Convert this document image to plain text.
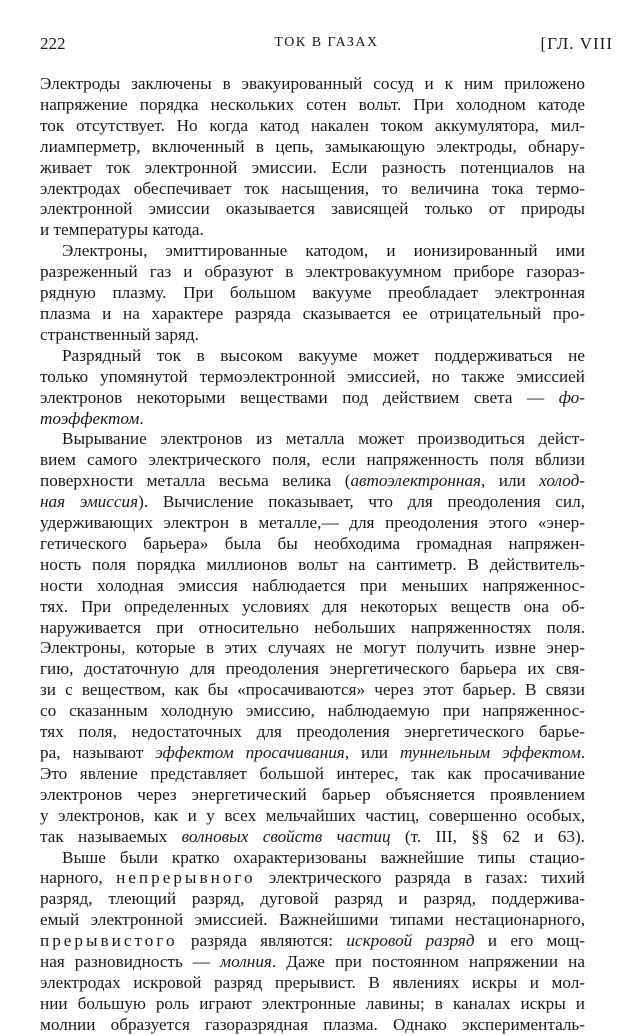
222	ТОК В ГАЗАХ	[ГЛ. VIII
Электроды заключены в эвакуированный сосуд и к ним приложено
напряжение порядка нескольких сотен вольт. При холодном катоде
ток отсутствует. Но когда катод накален током аккумулятора, мил-
лиамперметр, включенный в цепь, замыкающую электроды, обнару-
живает ток электронной эмиссии. Если разность потенциалов на
электродах обеспечивает ток насыщения, то величина тока термо-
электронной эмиссии оказывается зависящей только от природы
и температуры катода.
Электроны, эмиттированные катодом, и ионизированный ими
разреженный газ и образуют в электровакуумном приборе газораз-
рядную плазму. При большом вакууме преобладает электронная
плазма и на характере разряда сказывается ее отрицательный про-
странственный заряд.
Разрядный ток в высоком вакууме может поддерживаться не
только упомянутой термоэлектронной эмиссией, но также эмиссией
электронов некоторыми веществами под действием света — фо-
тоэффектом.
Вырывание электронов из металла может производиться дейст-
вием самого электрического поля, если напряженность поля вблизи
поверхности металла весьма велика (автоэлектронная, или холод-
ная эмиссия). Вычисление показывает, что для преодоления сил,
удерживающих электрон в металле,— для преодоления этого «энер-
гетического барьера» была бы необходима громадная напряжен-
ность поля порядка миллионов вольт на сантиметр. В действитель-
ности холодная эмиссия наблюдается при меньших напряженнос-
тях. При определенных условиях для некоторых веществ она об-
наруживается при относительно небольших напряженностях поля.
Электроны, которые в этих случаях не могут получить извне энер-
гию, достаточную для преодоления энергетического барьера их свя-
зи с веществом, как бы «просачиваются» через этот барьер. В связи
со сказанным холодную эмиссию, наблюдаемую при напряженнос-
тях поля, недостаточных для преодоления энергетического барье-
ра, называют эффектом просачивания, или туннельным эффектом.
Это явление представляет большой интерес, так как просачивание
электронов через энергетический барьер объясняется проявлением
у электронов, как и у всех мельчайших частиц, совершенно особых,
так называемых волновых свойств частиц (т. III, §§ 62 и 63).
Выше были кратко охарактеризованы важнейшие типы стацио-
нарного, непрерывного электрического разряда в газах: тихий
разряд, тлеющий разряд, дуговой разряд и разряд, поддержива-
емый электронной эмиссией. Важнейшими типами нестационарного,
прерывистого разряда являются: искровой разряд и его мощ-
ная разновидность — молния. Даже при постоянном напряжении на
электродах искровой разряд прерывист. В явлениях искры и мол-
нии большую роль играют электронные лавины; в каналах искры и
молнии образуется газоразрядная плазма. Однако эксперименталь-
